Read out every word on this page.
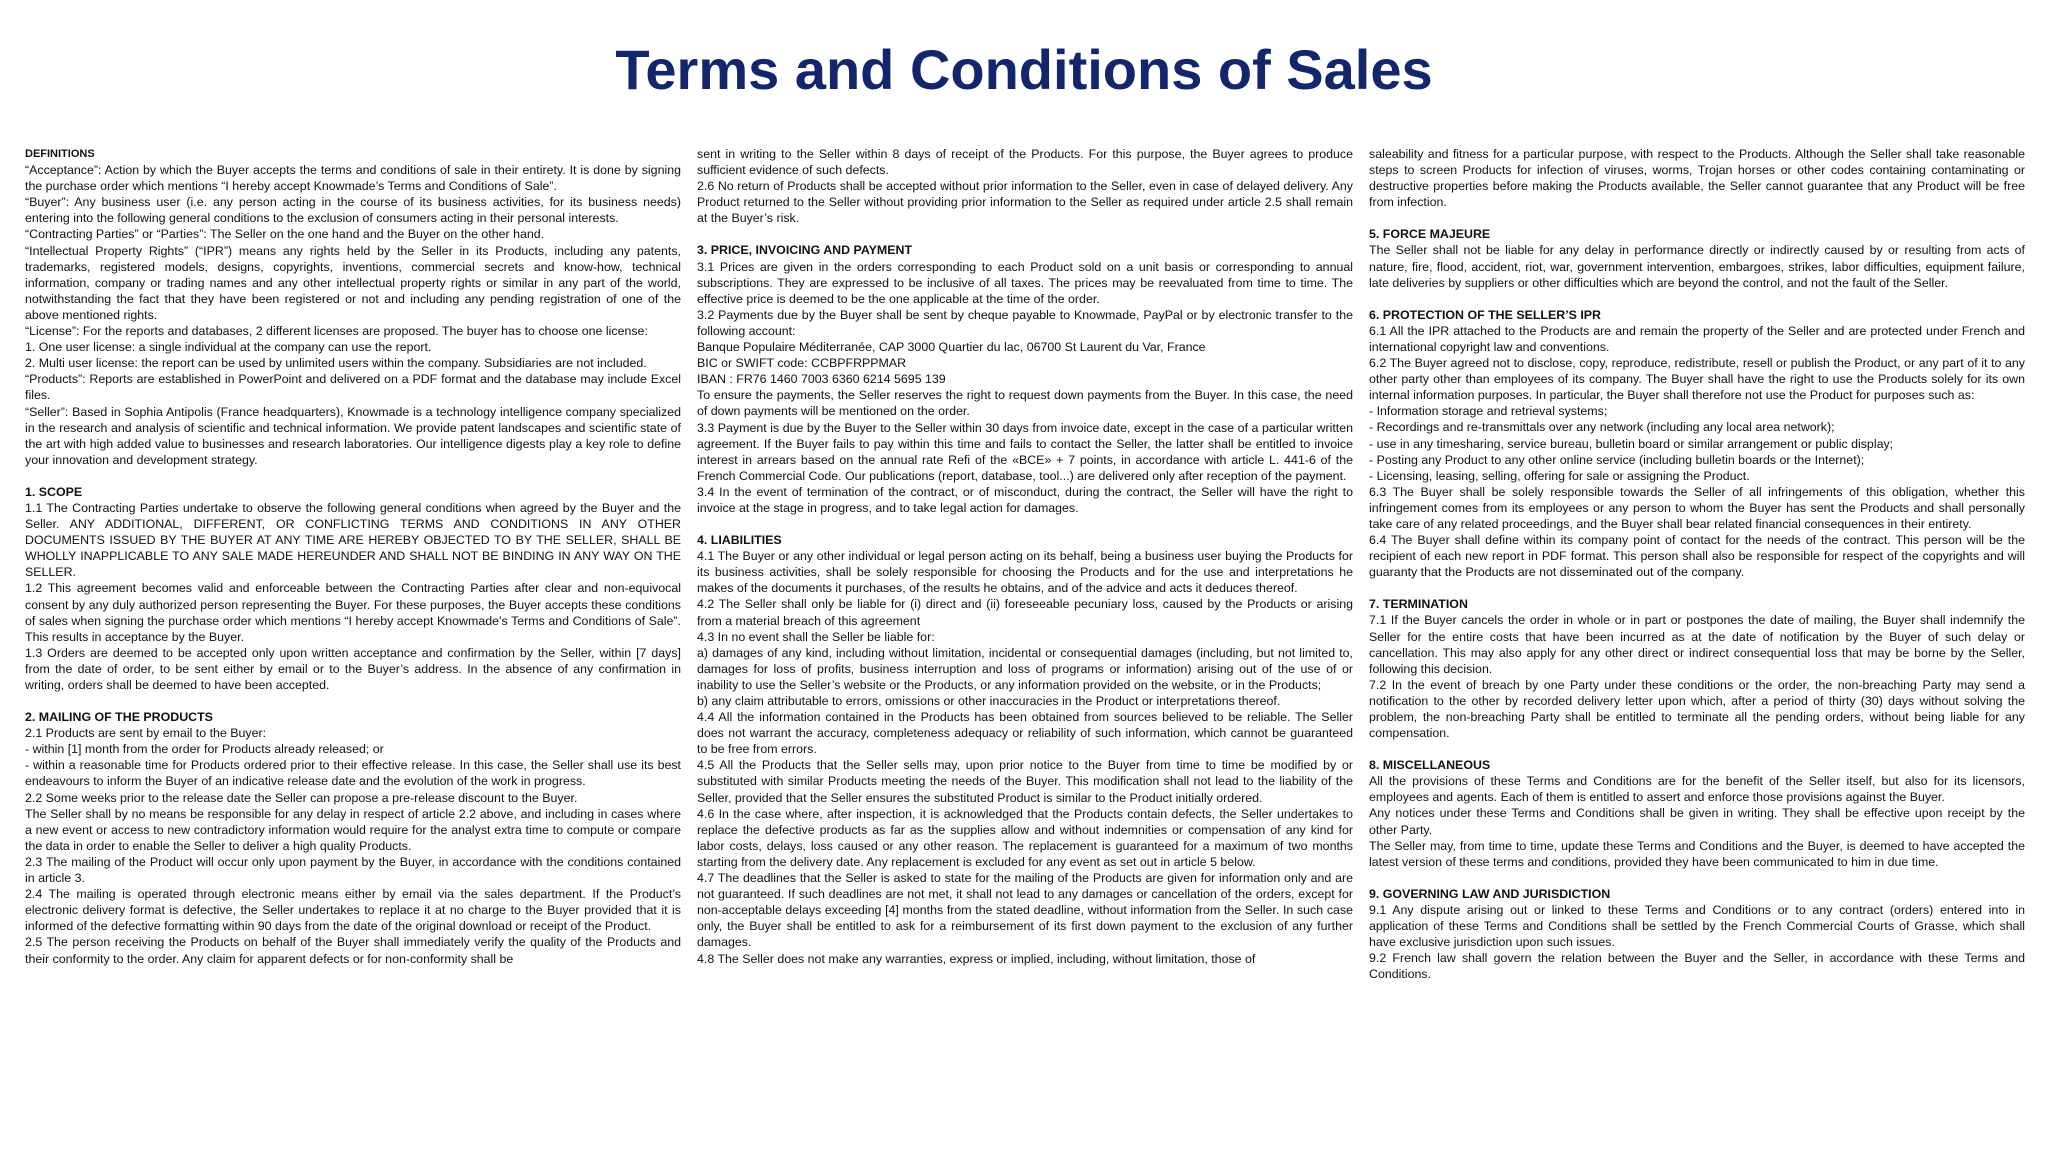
Terms and Conditions of Sales

DEFINITIONS

“Acceptance”: Action by which the Buyer accepts the terms and conditions of sale in their entirety. It is done by signing the purchase order which mentions “I hereby accept Knowmade’s Terms and Conditions of Sale”.

“Buyer”: Any business user (i.e. any person acting in the course of its business activities, for its business needs) entering into the following general conditions to the exclusion of consumers acting in their personal interests.

“Contracting Parties” or “Parties”: The Seller on the one hand and the Buyer on the other hand.

“Intellectual Property Rights” (“IPR”) means any rights held by the Seller in its Products, including any patents, trademarks, registered models, designs, copyrights, inventions, commercial secrets and know-how, technical information, company or trading names and any other intellectual property rights or similar in any part of the world, notwithstanding the fact that they have been registered or not and including any pending registration of one of the above mentioned rights.

“License”: For the reports and databases, 2 different licenses are proposed. The buyer has to choose one license:

1. One user license: a single individual at the company can use the report.

2. Multi user license: the report can be used by unlimited users within the company. Subsidiaries are not included.

“Products”: Reports are established in PowerPoint and delivered on a PDF format and the database may include Excel files.

“Seller”: Based in Sophia Antipolis (France headquarters), Knowmade is a technology intelligence company specialized in the research and analysis of scientific and technical information. We provide patent landscapes and scientific state of the art with high added value to businesses and research laboratories. Our intelligence digests play a key role to define your innovation and development strategy.

1. SCOPE

1.1 The Contracting Parties undertake to observe the following general conditions when agreed by the Buyer and the Seller. ANY ADDITIONAL, DIFFERENT, OR CONFLICTING TERMS AND CONDITIONS IN ANY OTHER DOCUMENTS ISSUED BY THE BUYER AT ANY TIME ARE HEREBY OBJECTED TO BY THE SELLER, SHALL BE WHOLLY INAPPLICABLE TO ANY SALE MADE HEREUNDER AND SHALL NOT BE BINDING IN ANY WAY ON THE SELLER.

1.2 This agreement becomes valid and enforceable between the Contracting Parties after clear and non-equivocal consent by any duly authorized person representing the Buyer. For these purposes, the Buyer accepts these conditions of sales when signing the purchase order which mentions “I hereby accept Knowmade’s Terms and Conditions of Sale”. This results in acceptance by the Buyer.

1.3 Orders are deemed to be accepted only upon written acceptance and confirmation by the Seller, within [7 days] from the date of order, to be sent either by email or to the Buyer’s address. In the absence of any confirmation in writing, orders shall be deemed to have been accepted.

2. MAILING OF THE PRODUCTS

2.1 Products are sent by email to the Buyer:

- within [1] month from the order for Products already released; or

- within a reasonable time for Products ordered prior to their effective release. In this case, the Seller shall use its best endeavours to inform the Buyer of an indicative release date and the evolution of the work in progress.

2.2 Some weeks prior to the release date the Seller can propose a pre-release discount to the Buyer.

The Seller shall by no means be responsible for any delay in respect of article 2.2 above, and including in cases where a new event or access to new contradictory information would require for the analyst extra time to compute or compare the data in order to enable the Seller to deliver a high quality Products.

2.3 The mailing of the Product will occur only upon payment by the Buyer, in accordance with the conditions contained in article 3.

2.4 The mailing is operated through electronic means either by email via the sales department. If the Product’s electronic delivery format is defective, the Seller undertakes to replace it at no charge to the Buyer provided that it is informed of the defective formatting within 90 days from the date of the original download or receipt of the Product.

2.5 The person receiving the Products on behalf of the Buyer shall immediately verify the quality of the Products and their conformity to the order. Any claim for apparent defects or for non-conformity shall be

sent in writing to the Seller within 8 days of receipt of the Products. For this purpose, the Buyer agrees to produce sufficient evidence of such defects.

2.6 No return of Products shall be accepted without prior information to the Seller, even in case of delayed delivery. Any Product returned to the Seller without providing prior information to the Seller as required under article 2.5 shall remain at the Buyer’s risk.

3. PRICE, INVOICING AND PAYMENT

3.1 Prices are given in the orders corresponding to each Product sold on a unit basis or corresponding to annual subscriptions. They are expressed to be inclusive of all taxes. The prices may be reevaluated from time to time. The effective price is deemed to be the one applicable at the time of the order.

3.2 Payments due by the Buyer shall be sent by cheque payable to Knowmade, PayPal or by electronic transfer to the following account:

Banque Populaire Méditerranée, CAP 3000 Quartier du lac, 06700 St Laurent du Var, France

BIC or SWIFT code: CCBPFRPPMAR

IBAN : FR76 1460 7003 6360 6214 5695 139

To ensure the payments, the Seller reserves the right to request down payments from the Buyer. In this case, the need of down payments will be mentioned on the order.

3.3 Payment is due by the Buyer to the Seller within 30 days from invoice date, except in the case of a particular written agreement. If the Buyer fails to pay within this time and fails to contact the Seller, the latter shall be entitled to invoice interest in arrears based on the annual rate Refi of the «BCE» + 7 points, in accordance with article L. 441-6 of the French Commercial Code. Our publications (report, database, tool...) are delivered only after reception of the payment.

3.4 In the event of termination of the contract, or of misconduct, during the contract, the Seller will have the right to invoice at the stage in progress, and to take legal action for damages.

4. LIABILITIES

4.1 The Buyer or any other individual or legal person acting on its behalf, being a business user buying the Products for its business activities, shall be solely responsible for choosing the Products and for the use and interpretations he makes of the documents it purchases, of the results he obtains, and of the advice and acts it deduces thereof.

4.2 The Seller shall only be liable for (i) direct and (ii) foreseeable pecuniary loss, caused by the Products or arising from a material breach of this agreement

4.3 In no event shall the Seller be liable for:

a) damages of any kind, including without limitation, incidental or consequential damages (including, but not limited to, damages for loss of profits, business interruption and loss of programs or information) arising out of the use of or inability to use the Seller’s website or the Products, or any information provided on the website, or in the Products;

b) any claim attributable to errors, omissions or other inaccuracies in the Product or interpretations thereof.

4.4 All the information contained in the Products has been obtained from sources believed to be reliable. The Seller does not warrant the accuracy, completeness adequacy or reliability of such information, which cannot be guaranteed to be free from errors.

4.5 All the Products that the Seller sells may, upon prior notice to the Buyer from time to time be modified by or substituted with similar Products meeting the needs of the Buyer. This modification shall not lead to the liability of the Seller, provided that the Seller ensures the substituted Product is similar to the Product initially ordered.

4.6 In the case where, after inspection, it is acknowledged that the Products contain defects, the Seller undertakes to replace the defective products as far as the supplies allow and without indemnities or compensation of any kind for labor costs, delays, loss caused or any other reason. The replacement is guaranteed for a maximum of two months starting from the delivery date. Any replacement is excluded for any event as set out in article 5 below.

4.7 The deadlines that the Seller is asked to state for the mailing of the Products are given for information only and are not guaranteed. If such deadlines are not met, it shall not lead to any damages or cancellation of the orders, except for non-acceptable delays exceeding [4] months from the stated deadline, without information from the Seller. In such case only, the Buyer shall be entitled to ask for a reimbursement of its first down payment to the exclusion of any further damages.

4.8 The Seller does not make any warranties, express or implied, including, without limitation, those of

saleability and fitness for a particular purpose, with respect to the Products. Although the Seller shall take reasonable steps to screen Products for infection of viruses, worms, Trojan horses or other codes containing contaminating or destructive properties before making the Products available, the Seller cannot guarantee that any Product will be free from infection.

5. FORCE MAJEURE

The Seller shall not be liable for any delay in performance directly or indirectly caused by or resulting from acts of nature, fire, flood, accident, riot, war, government intervention, embargoes, strikes, labor difficulties, equipment failure, late deliveries by suppliers or other difficulties which are beyond the control, and not the fault of the Seller.

6. PROTECTION OF THE SELLER’S IPR

6.1 All the IPR attached to the Products are and remain the property of the Seller and are protected under French and international copyright law and conventions.

6.2 The Buyer agreed not to disclose, copy, reproduce, redistribute, resell or publish the Product, or any part of it to any other party other than employees of its company. The Buyer shall have the right to use the Products solely for its own internal information purposes. In particular, the Buyer shall therefore not use the Product for purposes such as:

- Information storage and retrieval systems;

- Recordings and re-transmittals over any network (including any local area network);

- use in any timesharing, service bureau, bulletin board or similar arrangement or public display;

- Posting any Product to any other online service (including bulletin boards or the Internet);

- Licensing, leasing, selling, offering for sale or assigning the Product.

6.3 The Buyer shall be solely responsible towards the Seller of all infringements of this obligation, whether this infringement comes from its employees or any person to whom the Buyer has sent the Products and shall personally take care of any related proceedings, and the Buyer shall bear related financial consequences in their entirety.

6.4 The Buyer shall define within its company point of contact for the needs of the contract. This person will be the recipient of each new report in PDF format. This person shall also be responsible for respect of the copyrights and will guaranty that the Products are not disseminated out of the company.

7. TERMINATION

7.1 If the Buyer cancels the order in whole or in part or postpones the date of mailing, the Buyer shall indemnify the Seller for the entire costs that have been incurred as at the date of notification by the Buyer of such delay or cancellation. This may also apply for any other direct or indirect consequential loss that may be borne by the Seller, following this decision.

7.2 In the event of breach by one Party under these conditions or the order, the non-breaching Party may send a notification to the other by recorded delivery letter upon which, after a period of thirty (30) days without solving the problem, the non-breaching Party shall be entitled to terminate all the pending orders, without being liable for any compensation.

8. MISCELLANEOUS

All the provisions of these Terms and Conditions are for the benefit of the Seller itself, but also for its licensors, employees and agents. Each of them is entitled to assert and enforce those provisions against the Buyer.

Any notices under these Terms and Conditions shall be given in writing. They shall be effective upon receipt by the other Party.

The Seller may, from time to time, update these Terms and Conditions and the Buyer, is deemed to have accepted the latest version of these terms and conditions, provided they have been communicated to him in due time.

9. GOVERNING LAW AND JURISDICTION

9.1 Any dispute arising out or linked to these Terms and Conditions or to any contract (orders) entered into in application of these Terms and Conditions shall be settled by the French Commercial Courts of Grasse, which shall have exclusive jurisdiction upon such issues.

9.2 French law shall govern the relation between the Buyer and the Seller, in accordance with these Terms and Conditions.
